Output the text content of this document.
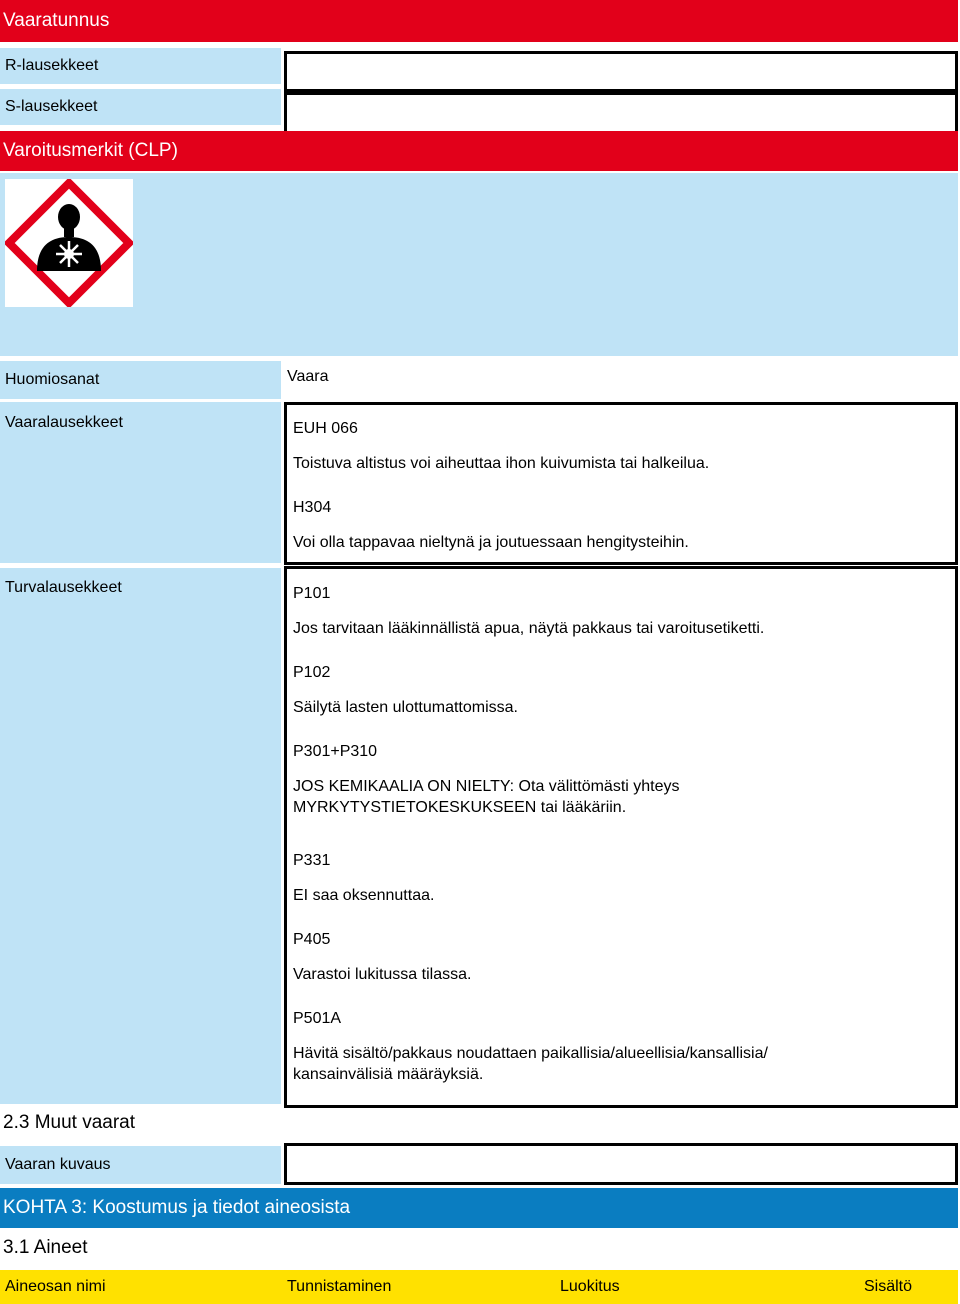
Vaaratunnus
R-lausekkeet
S-lausekkeet
Varoitusmerkit (CLP)
Huomiosanat	Vaara
Vaaralausekkeet	EUH 066
Toistuva altistus voi aiheuttaa ihon kuivumista tai halkeilua.
H304
Voi olla tappavaa nieltynä ja joutuessaan hengitysteihin.
Turvalausekkeet	P101
Jos tarvitaan lääkinnällistä apua, näytä pakkaus tai varoitusetiketti.
P102
Säilytä lasten ulottumattomissa.
P301+P310
JOS KEMIKAALIA ON NIELTY: Ota välittömästi yhteys
MYRKYTYSTIETOKESKUKSEEN tai lääkäriin.
P331
EI saa oksennuttaa.
P405
Varastoi lukitussa tilassa.
P501A
Hävitä sisältö/pakkaus noudattaen paikallisia/alueellisia/kansallisia/
kansainvälisiä määräyksiä.
2.3 Muut vaarat
Vaaran kuvaus
KOHTA 3: Koostumus ja tiedot aineosista
3.1 Aineet
Aineosan nimi	Tunnistaminen	Luokitus	Sisältö
